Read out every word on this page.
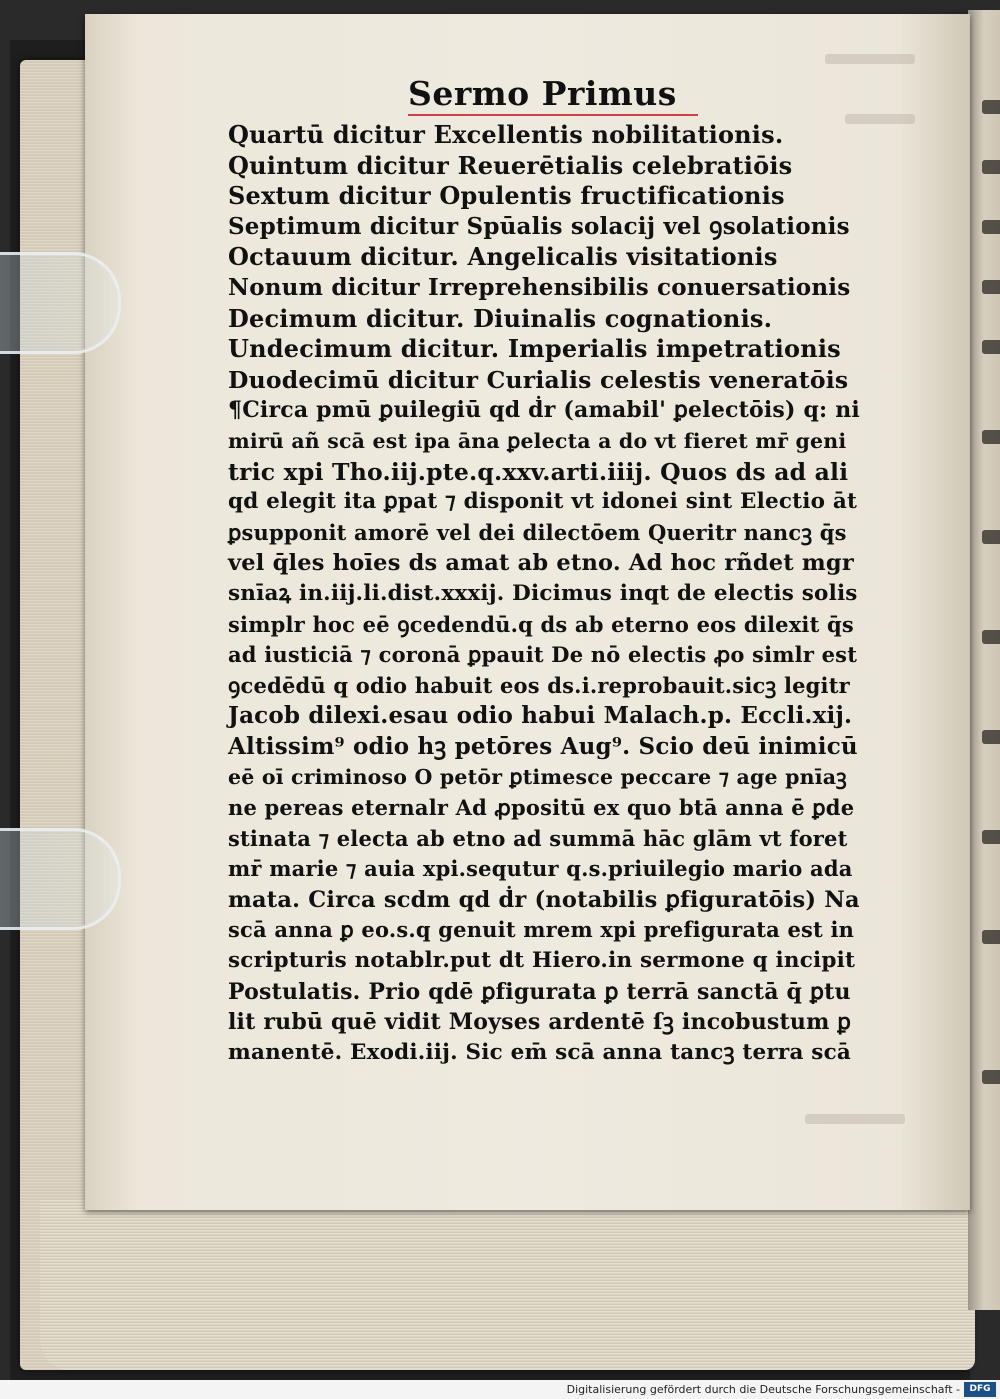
Sermo Primus
Quartū dicitur Excellentis nobilitationis.
Quintum dicitur Reuerētialis celebratiōis
Sextum dicitur Opulentis fructificationis
Septimum dicitur Spūalis solacij vel ꝯsolationis
Octauum dicitur. Angelicalis visitationis
Nonum dicitur Irreprehensibilis conuersationis
Decimum dicitur. Diuinalis cognationis.
Undecimum dicitur. Imperialis impetrationis
Duodecimū dicitur Curialis celestis veneratōis
¶Circa pmū ꝑuilegiū qd ḋr (amabil' ꝑelectōis) q: ni
mirū añ scā est ipa āna ꝑelecta a do vt fieret mr̄ geni
tric xpi Tho.iij.pte.q.xxv.arti.iiij. Quos ds ad ali
qd elegit ita ꝑpat ⁊ disponit vt idonei sint Electio āt
ꝑsupponit amorē vel dei dilectōem Queritr nancꝫ q̄s
vel q̄les hoīes ds amat ab etno. Ad hoc rñdet mgr
snīaꝝ in.iij.li.dist.xxxij. Dicimus inqt de electis solis
simplr hoc eē ꝯcedendū.q ds ab eterno eos dilexit q̄s
ad iusticiā ⁊ coronā ꝑpauit De nō electis ꝓo simlr est
ꝯcedēdū q odio habuit eos ds.i.reprobauit.sicꝫ legitr
Jacob dilexi.esau odio habui Malach.p. Eccli.xij.
Altissim⁹ odio hꝫ petōres Aug⁹. Scio deū inimicū
eē oī criminoso O petōr ꝑtimesce peccare ⁊ age pnīaꝫ
ne pereas eternalr Ad ꝓpositū ex quo btā anna ē ꝑde
stinata ⁊ electa ab etno ad summā hāc glām vt foret
mr̄ marie ⁊ auia xpi.sequtur q.s.priuilegio mario ada
mata. Circa scdm qd ḋr (notabilis ꝑfiguratōis) Na
scā anna ꝑ eo.s.q genuit mrem xpi prefigurata est in
scripturis notablr.put dt Hiero.in sermone q incipit
Postulatis. Prio qdē ꝑfigurata ꝑ terrā sanctā q̄ ꝑtu
lit rubū quē vidit Moyses ardentē ſꝫ incobustum ꝑ
manentē. Exodi.iij. Sic em̄ scā anna tancꝫ terra scā
Digitalisierung gefördert durch die Deutsche Forschungsgemeinschaft -	DFG
